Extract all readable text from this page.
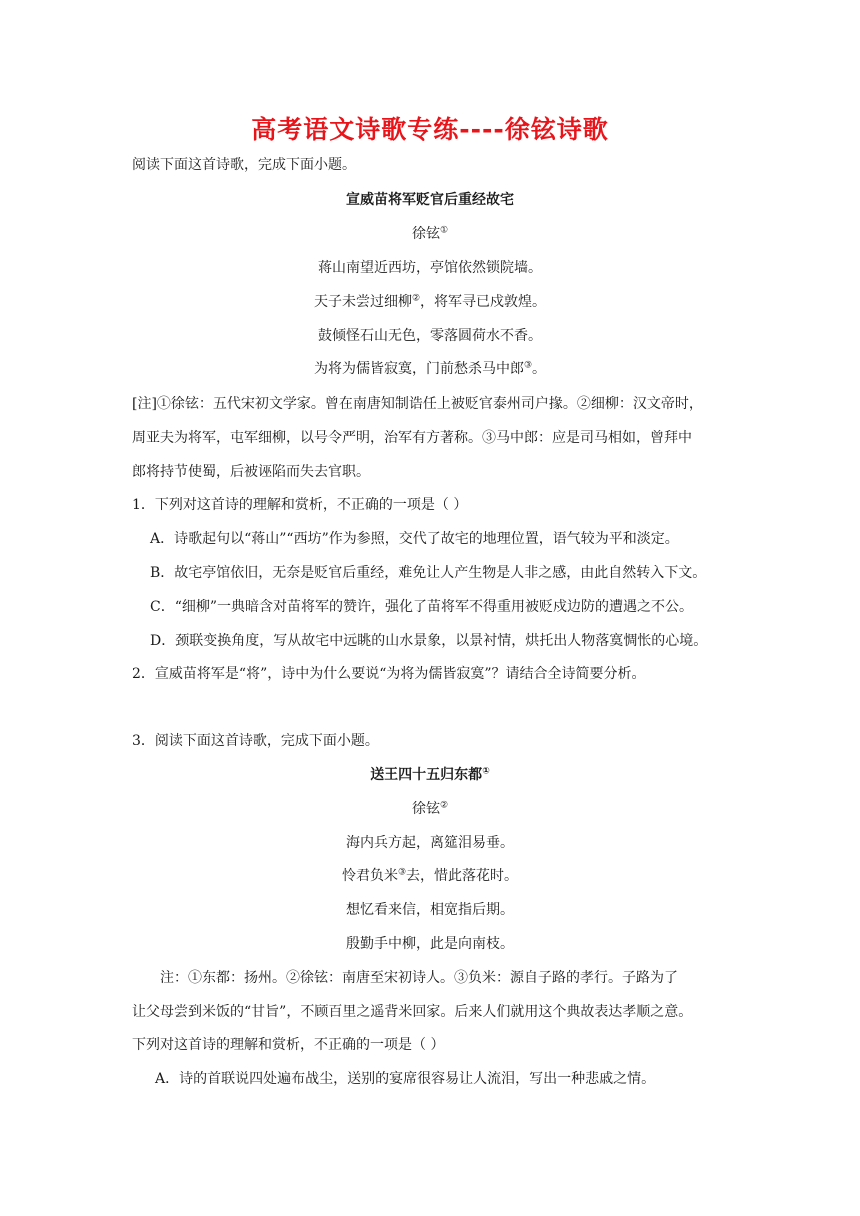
高考语文诗歌专练----徐铉诗歌
阅读下面这首诗歌，完成下面小题。
宣威苗将军贬官后重经故宅
徐铉①
蒋山南望近西坊，亭馆依然锁院墙。
天子未尝过细柳②，将军寻已戍敦煌。
鼓倾怪石山无色，零落圆荷水不香。
为将为儒皆寂寞，门前愁杀马中郎③。
[注]①徐铉：五代宋初文学家。曾在南唐知制诰任上被贬官泰州司户掾。②细柳：汉文帝时，
周亚夫为将军，屯军细柳，以号令严明，治军有方著称。③马中郎：应是司马相如，曾拜中
郎将持节使蜀，后被诬陷而失去官职。
1．下列对这首诗的理解和赏析，不正确的一项是（ ）
A．诗歌起句以“蒋山”“西坊”作为参照，交代了故宅的地理位置，语气较为平和淡定。
B．故宅亭馆依旧，无奈是贬官后重经，难免让人产生物是人非之感，由此自然转入下文。
C．“细柳”一典暗含对苗将军的赞许，强化了苗将军不得重用被贬戍边防的遭遇之不公。
D．颈联变换角度，写从故宅中远眺的山水景象，以景衬情，烘托出人物落寞惆怅的心境。
2．宣威苗将军是“将”，诗中为什么要说“为将为儒皆寂寞”？请结合全诗简要分析。
3．阅读下面这首诗歌，完成下面小题。
送王四十五归东都①
徐铉②
海内兵方起，离筵泪易垂。
怜君负米③去，惜此落花时。
想忆看来信，相宽指后期。
殷勤手中柳，此是向南枝。
注：①东都：扬州。②徐铉：南唐至宋初诗人。③负米：源自子路的孝行。子路为了
让父母尝到米饭的“甘旨”，不顾百里之遥背米回家。后来人们就用这个典故表达孝顺之意。
下列对这首诗的理解和赏析，不正确的一项是（ ）
A．诗的首联说四处遍布战尘，送别的宴席很容易让人流泪，写出一种悲戚之情。
